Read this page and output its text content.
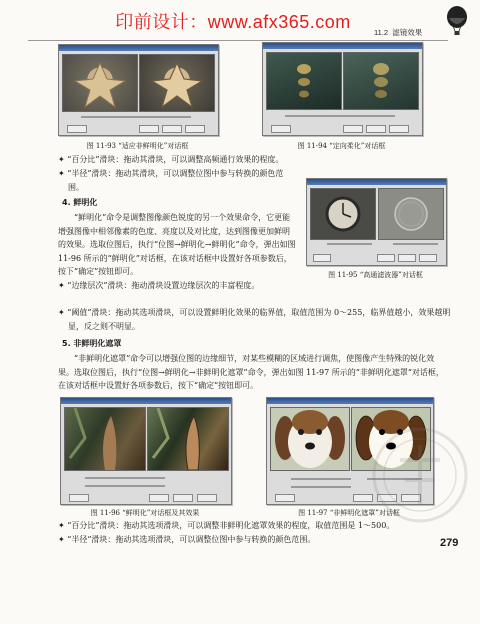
印前设计：www.afx365.com
11.2 滤镜效果
图 11-93 “适应非鲜明化”对话框	图 11-94 “定向柔化”对话框
✦ “百分比”滑块：拖动其滑块，可以调整高频通行效果的程度。
✦ “半径”滑块：拖动其滑块，可以调整位图中参与转换的颜色范围。
4. 鲜明化
“鲜明化”命令是调整图像颜色锐度的另一个效果命令，它更能增强图像中相邻像素的色度、亮度以及对比度，达到图像更加鲜明的效果。选取位图后，执行“位图→鲜明化→鲜明化”命令，弹出如图 11-96 所示的“鲜明化”对话框，在该对话框中设置好各项参数后，按下“确定”按钮即可。	图 11-95 “高通滤波器”对话框
✦ “边缘层次”滑块：拖动滑块设置边缘层次的丰富程度。
✦ “阈值”滑块：拖动其选项滑块，可以设置鲜明化效果的临界值，取值范围为 0～255，临界值越小，效果越明显，反之则不明显。
5. 非鲜明化遮罩
“非鲜明化遮罩”命令可以增强位图的边缘细节，对某些模糊的区域进行调焦，使图像产生特殊的锐化效果。选取位图后，执行“位图→鲜明化→非鲜明化遮罩”命令，弹出如图 11-97 所示的“非鲜明化遮罩”对话框，在该对话框中设置好各项参数后，按下“确定”按钮即可。
图 11-96 “鲜明化”对话框及其效果	图 11-97 “非鲜明化遮罩”对话框
✦ “百分比”滑块：拖动其选项滑块，可以调整非鲜明化遮罩效果的程度，取值范围是 1～500。
✦ “半径”滑块：拖动其选项滑块，可以调整位图中参与转换的颜色范围。	279
